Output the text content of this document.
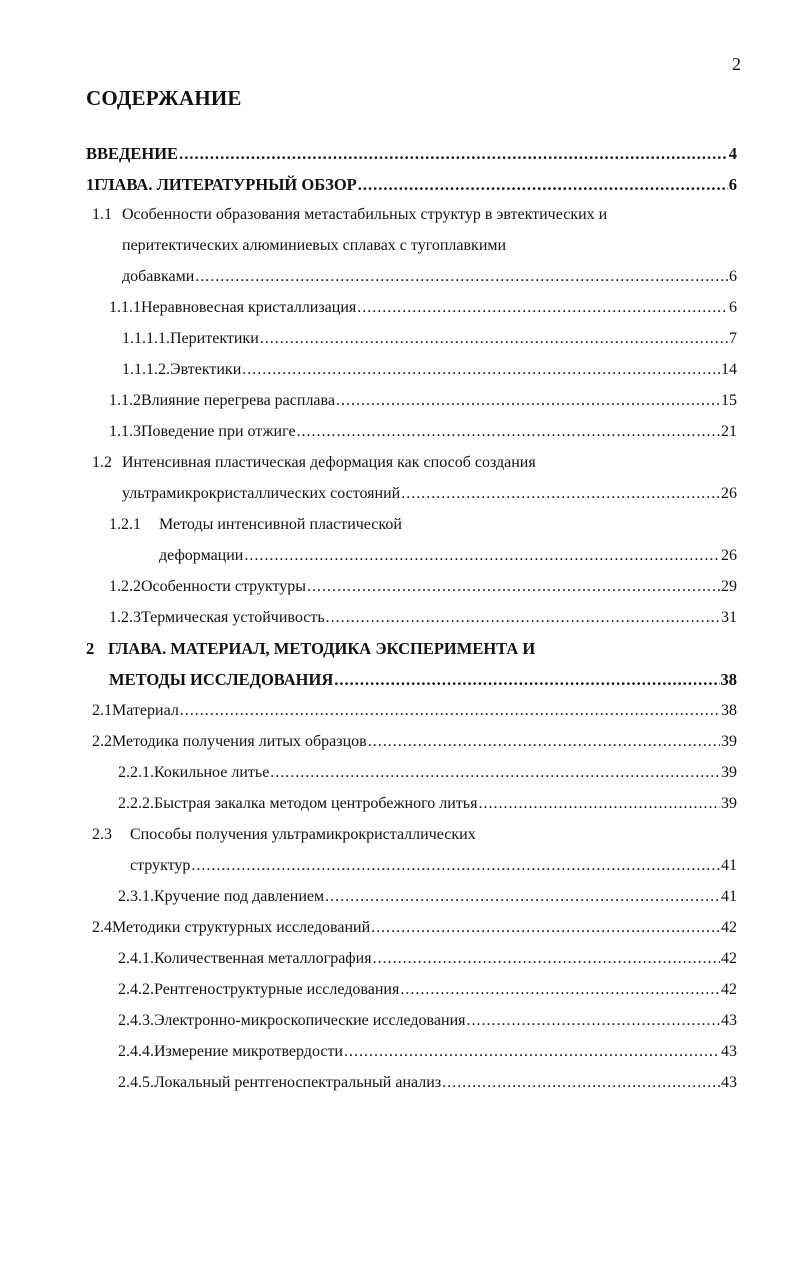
2
СОДЕРЖАНИЕ
ВВЕДЕНИЕ .....	4
1 ГЛАВА. ЛИТЕРАТУРНЫЙ ОБЗОР .....	6
1.1 Особенности образования метастабильных структур в эвтектических и
перитектических алюминиевых сплавах с тугоплавкими
добавками .....	6
1.1.1 Неравновесная кристаллизация .....	6
1.1.1.1. Перитектики .....	7
1.1.1.2. Эвтектики .....	14
1.1.2 Влияние перегрева расплава .....	15
1.1.3 Поведение при отжиге .....	21
1.2 Интенсивная пластическая деформация как способ создания
ультрамикрокристаллических состояний .....	26
1.2.1 Методы интенсивной пластической
деформации .....	26
1.2.2 Особенности структуры .....	29
1.2.3 Термическая устойчивость .....	31
2 ГЛАВА. МАТЕРИАЛ, МЕТОДИКА ЭКСПЕРИМЕНТА И
МЕТОДЫ ИССЛЕДОВАНИЯ .....	38
2.1 Материал .....	38
2.2 Методика получения литых образцов .....	39
2.2.1. Кокильное литье .....	39
2.2.2. Быстрая закалка методом центробежного литья .....	39
2.3 Способы получения ультрамикрокристаллических
структур .....	41
2.3.1. Кручение под давлением .....	41
2.4 Методики структурных исследований .....	42
2.4.1. Количественная металлография .....	42
2.4.2. Рентгеноструктурные исследования .....	42
2.4.3. Электронно-микроскопические исследования .....	43
2.4.4. Измерение микротвердости .....	43
2.4.5. Локальный рентгеноспектральный анализ .....	43
